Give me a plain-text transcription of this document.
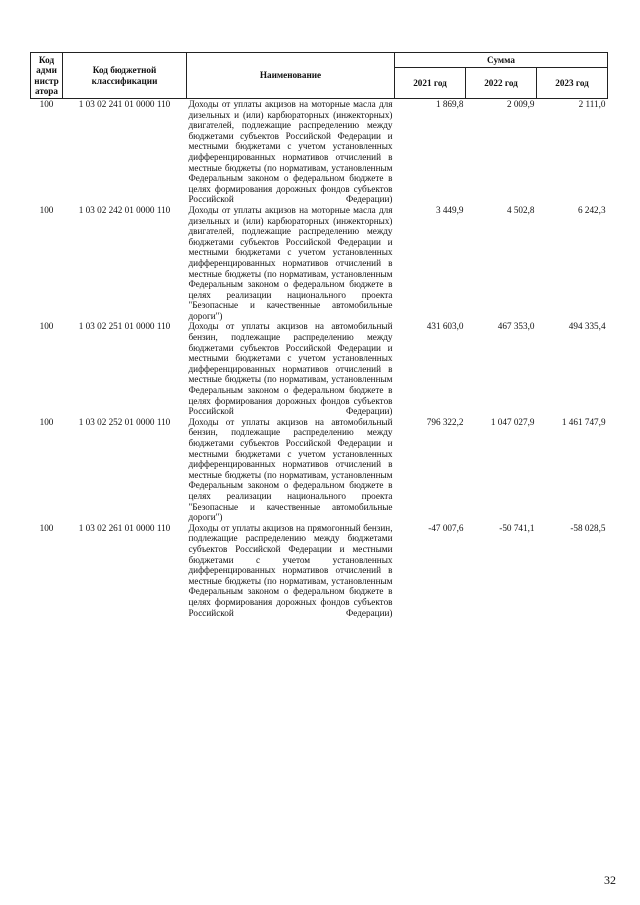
Код адми нистр атора	Код бюджетной классификации	Наименование	Сумма		
			2021 год	2022 год	2023 год
100	1 03 02 241 01 0000 110	Доходы от уплаты акцизов на моторные масла для дизельных и (или) карбюраторных (инжекторных) двигателей, подлежащие распределению между бюджетами субъектов Российской Федерации и местными бюджетами с учетом установленных дифференцированных нормативов отчислений в местные бюджеты (по нормативам, установленным Федеральным законом о федеральном бюджете в целях формирования дорожных фондов субъектов Российской Федерации)	1 869,8	2 009,9	2 111,0
100	1 03 02 242 01 0000 110	Доходы от уплаты акцизов на моторные масла для дизельных и (или) карбюраторных (инжекторных) двигателей, подлежащие распределению между бюджетами субъектов Российской Федерации и местными бюджетами с учетом установленных дифференцированных нормативов отчислений в местные бюджеты (по нормативам, установленным Федеральным законом о федеральном бюджете в целях реализации национального проекта "Безопасные и качественные автомобильные дороги")	3 449,9	4 502,8	6 242,3
100	1 03 02 251 01 0000 110	Доходы от уплаты акцизов на автомобильный бензин, подлежащие распределению между бюджетами субъектов Российской Федерации и местными бюджетами с учетом установленных дифференцированных нормативов отчислений в местные бюджеты (по нормативам, установленным Федеральным законом о федеральном бюджете в целях формирования дорожных фондов субъектов Российской Федерации)	431 603,0	467 353,0	494 335,4
100	1 03 02 252 01 0000 110	Доходы от уплаты акцизов на автомобильный бензин, подлежащие распределению между бюджетами субъектов Российской Федерации и местными бюджетами с учетом установленных дифференцированных нормативов отчислений в местные бюджеты (по нормативам, установленным Федеральным законом о федеральном бюджете в целях реализации национального проекта "Безопасные и качественные автомобильные дороги")	796 322,2	1 047 027,9	1 461 747,9
100	1 03 02 261 01 0000 110	Доходы от уплаты акцизов на прямогонный бензин, подлежащие распределению между бюджетами субъектов Российской Федерации и местными бюджетами с учетом установленных дифференцированных нормативов отчислений в местные бюджеты (по нормативам, установленным Федеральным законом о федеральном бюджете в целях формирования дорожных фондов субъектов Российской Федерации)	-47 007,6	-50 741,1	-58 028,5
32
